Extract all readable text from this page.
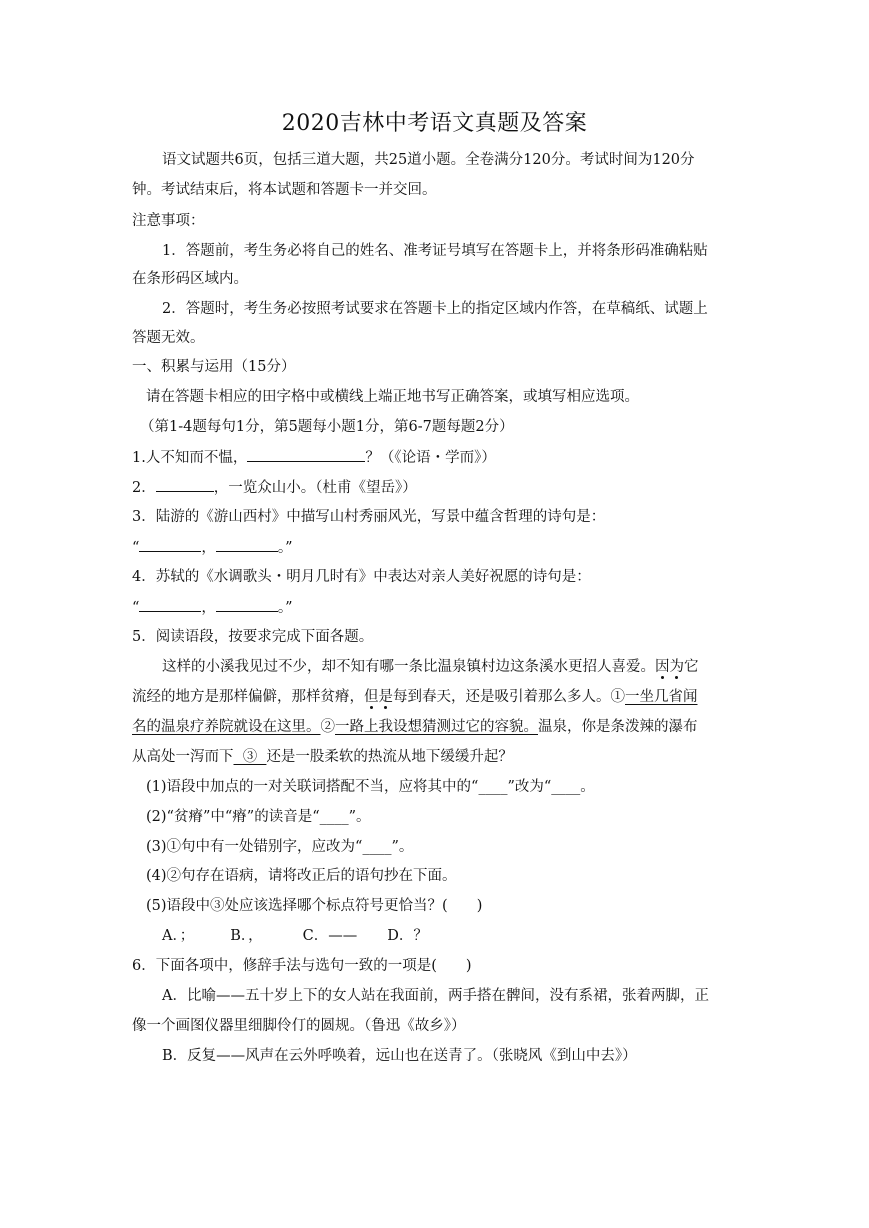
2020吉林中考语文真题及答案
语文试题共6页，包括三道大题，共25道小题。全卷满分120分。考试时间为120分
钟。考试结束后，将本试题和答题卡一并交回。
注意事项：
1．答题前，考生务必将自己的姓名、准考证号填写在答题卡上，并将条形码准确粘贴
在条形码区域内。
2．答题时，考生务必按照考试要求在答题卡上的指定区域内作答，在草稿纸、试题上
答题无效。
一、积累与运用（15分）
请在答题卡相应的田字格中或横线上端正地书写正确答案，或填写相应选项。
（第1-4题每句1分，第5题每小题1分，第6-7题每题2分）
1.人不知而不愠，	？（《论语・学而》）
2．	，一览众山小。（杜甫《望岳》）
3．陆游的《游山西村》中描写山村秀丽风光，写景中蕴含哲理的诗句是：
“	，	。”
4．苏轼的《水调歌头・明月几时有》中表达对亲人美好祝愿的诗句是：
“	，	。”
5．阅读语段，按要求完成下面各题。
这样的小溪我见过不少，却不知有哪一条比温泉镇村边这条溪水更招人喜爱。因为它
流经的地方是那样偏僻，那样贫瘠，但是每到春天，还是吸引着那么多人。①一坐几省闻
名的温泉疗养院就设在这里。②一路上我设想猜测过它的容貌。温泉，你是条泼辣的瀑布
从高处一泻而下  ③  还是一股柔软的热流从地下缓缓升起？
(1)语段中加点的一对关联词搭配不当，应将其中的“____”改为“____。
(2)“贫瘠”中“瘠”的读音是“____”。
(3)①句中有一处错别字，应改为“____”。
(4)②句存在语病，请将改正后的语句抄在下面。
(5)语段中③处应该选择哪个标点符号更恰当？(　　)
A．； B．，	C．—— D．？
6．下面各项中，修辞手法与选句一致的一项是(　　)
A．比喻——五十岁上下的女人站在我面前，两手搭在髀间，没有系裙，张着两脚，正
像一个画图仪器里细脚伶仃的圆规。（鲁迅《故乡》）
B．反复——风声在云外呼唤着，远山也在送青了。（张晓风《到山中去》）
